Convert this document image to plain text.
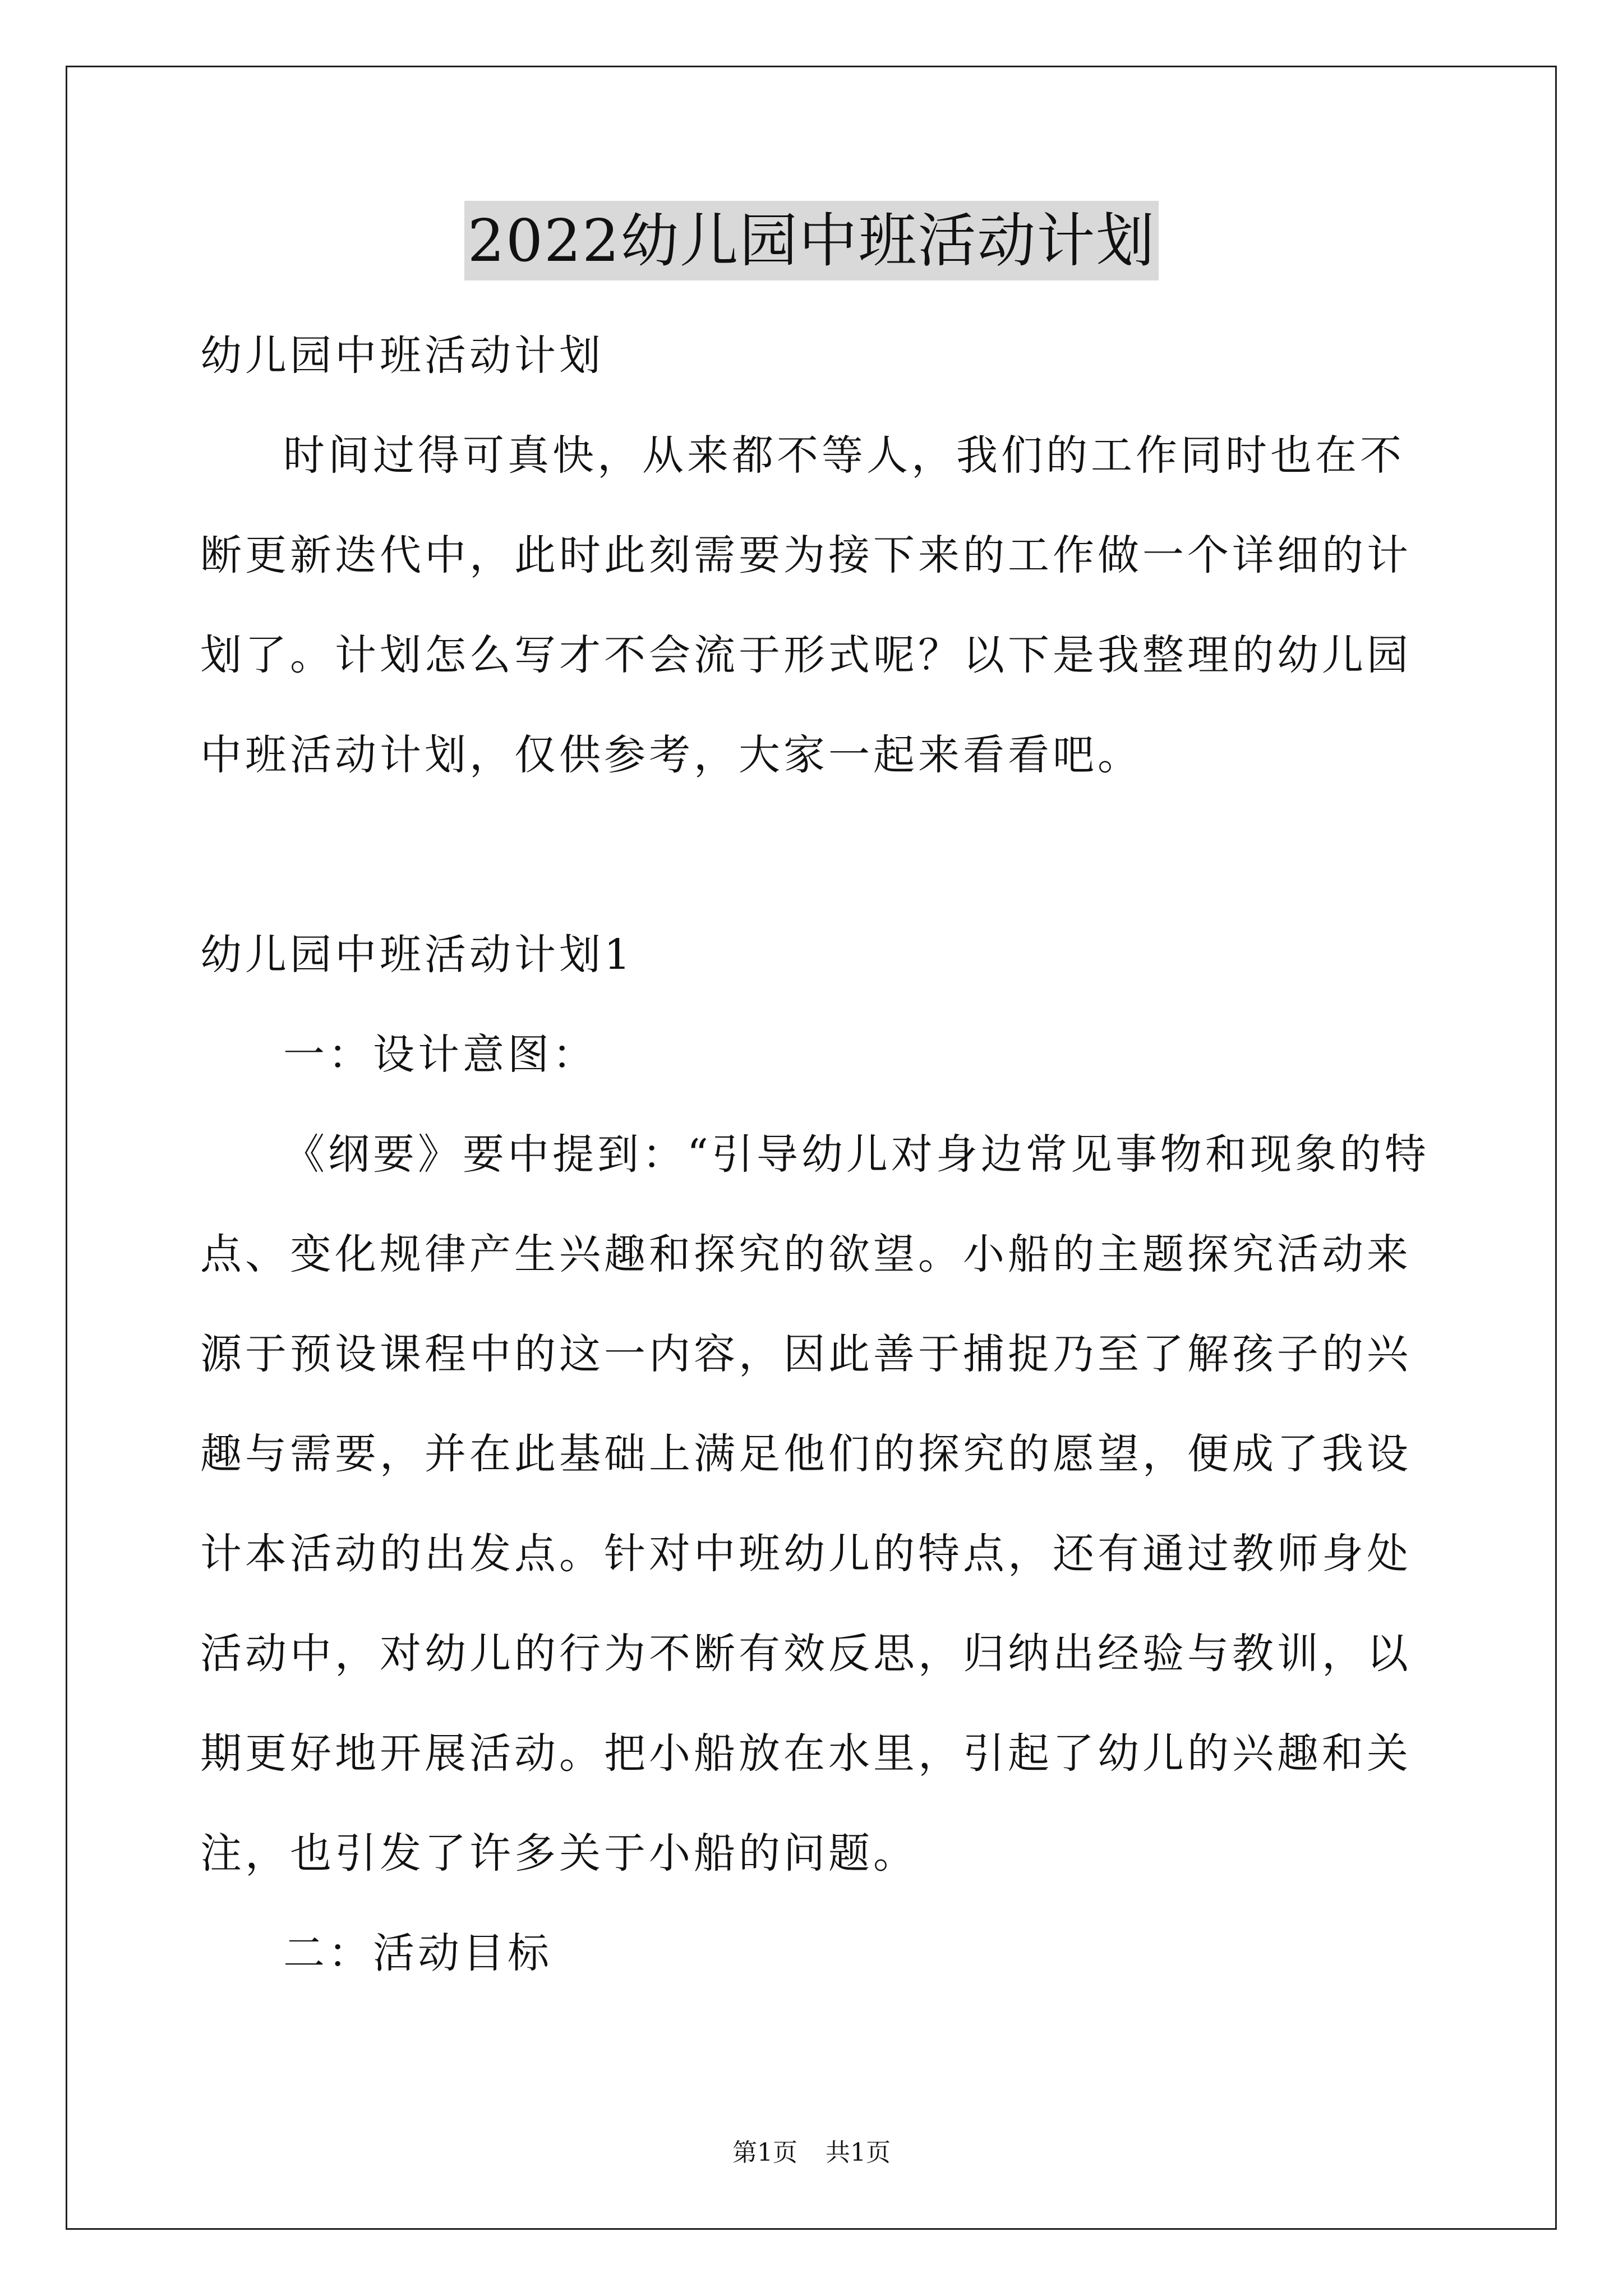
2022幼儿园中班活动计划

幼儿园中班活动计划

时间过得可真快，从来都不等人，我们的工作同时也在不断更新迭代中，此时此刻需要为接下来的工作做一个详细的计划了。计划怎么写才不会流于形式呢？以下是我整理的幼儿园中班活动计划，仅供参考，大家一起来看看吧。

幼儿园中班活动计划1

一：设计意图：

《纲要》要中提到：“引导幼儿对身边常见事物和现象的特点、变化规律产生兴趣和探究的欲望。小船的主题探究活动来源于预设课程中的这一内容，因此善于捕捉乃至了解孩子的兴趣与需要，并在此基础上满足他们的探究的愿望，便成了我设计本活动的出发点。针对中班幼儿的特点，还有通过教师身处活动中，对幼儿的行为不断有效反思，归纳出经验与教训，以期更好地开展活动。把小船放在水里，引起了幼儿的兴趣和关注，也引发了许多关于小船的问题。

二：活动目标

第1页 共1页
